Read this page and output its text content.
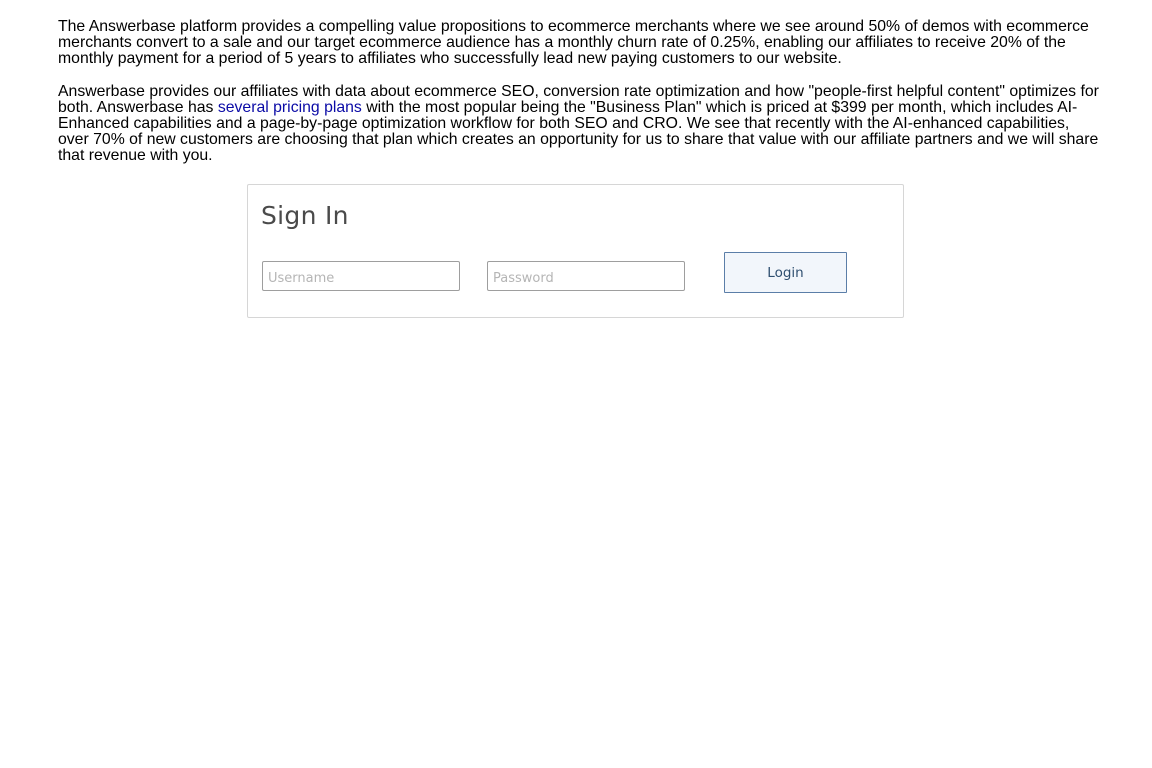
The Answerbase platform provides a compelling value propositions to ecommerce merchants where we see around 50% of demos with ecommerce merchants convert to a sale and our target ecommerce audience has a monthly churn rate of 0.25%, enabling our affiliates to receive 20% of the monthly payment for a period of 5 years to affiliates who successfully lead new paying customers to our website.

Answerbase provides our affiliates with data about ecommerce SEO, conversion rate optimization and how "people-first helpful content" optimizes for both. Answerbase has several pricing plans with the most popular being the "Business Plan" which is priced at $399 per month, which includes AI-Enhanced capabilities and a page-by-page optimization workflow for both SEO and CRO. We see that recently with the AI-enhanced capabilities, over 70% of new customers are choosing that plan which creates an opportunity for us to share that value with our affiliate partners and we will share that revenue with you.

Sign In
Username
Login
